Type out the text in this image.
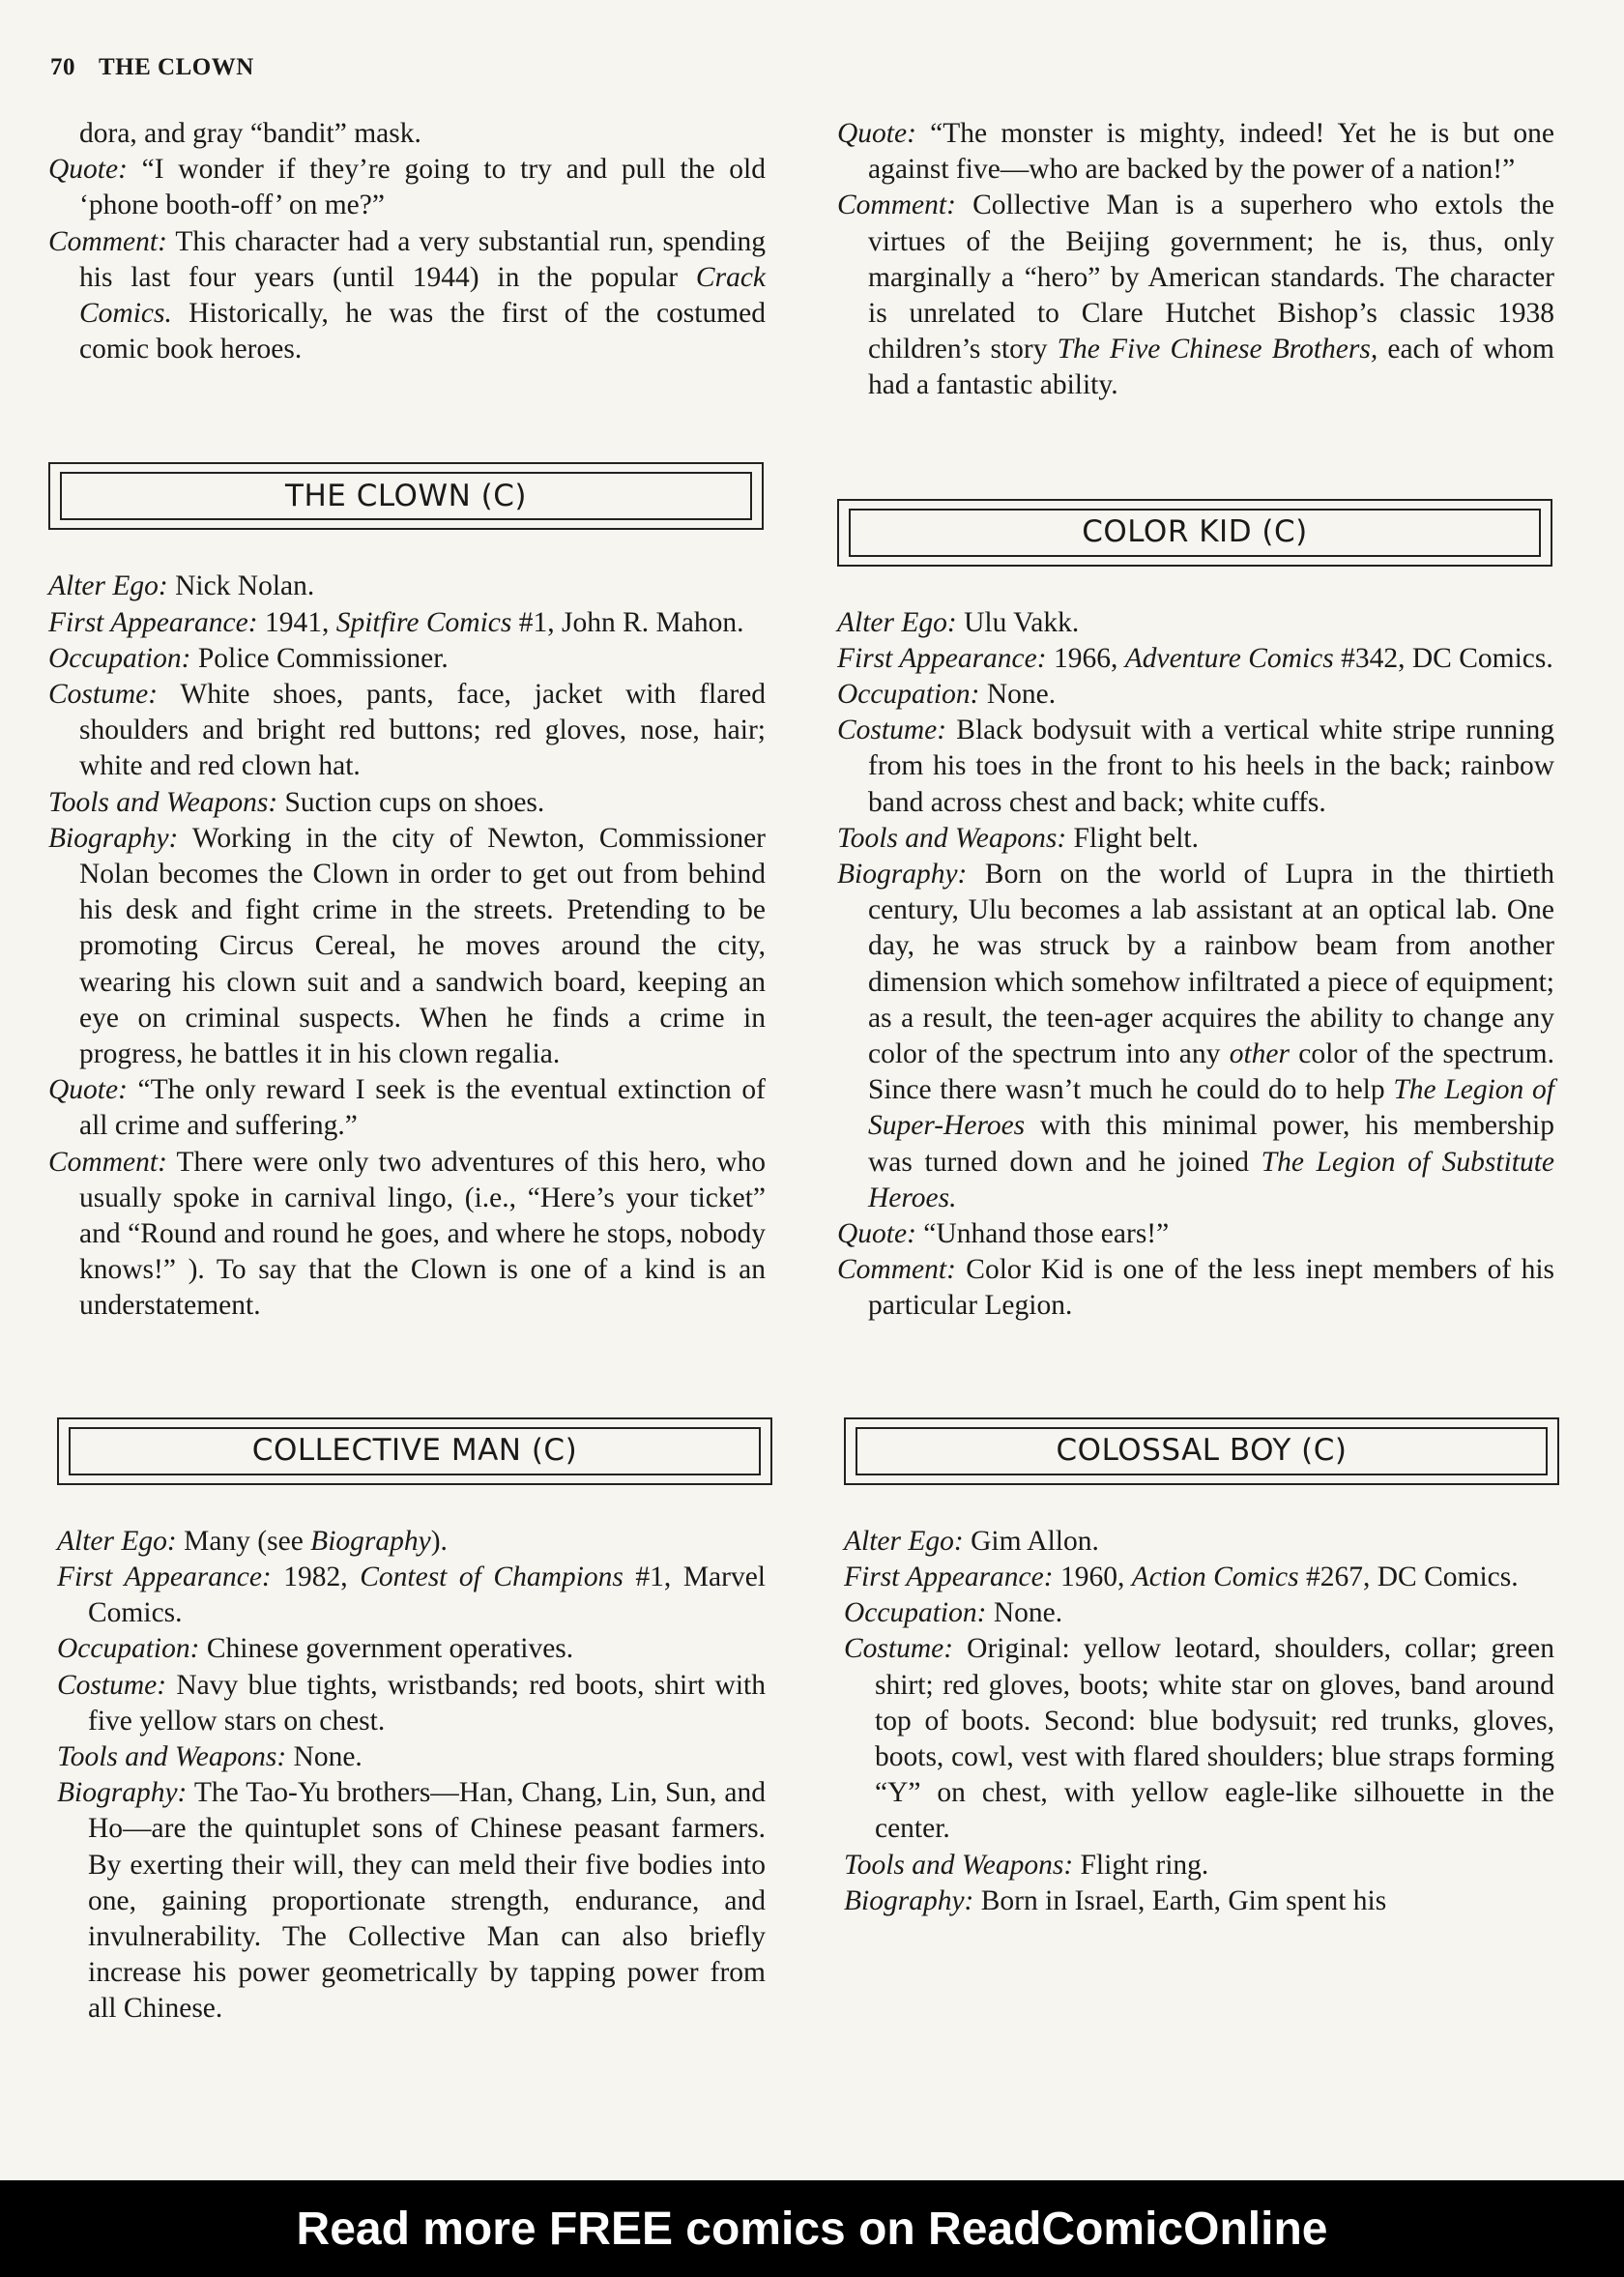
70 THE CLOWN

dora, and gray “bandit” mask.

Quote: “I wonder if they’re going to try and pull the old ‘phone booth-off’ on me?”

Comment: This character had a very substantial run, spending his last four years (until 1944) in the popular Crack Comics. Historically, he was the first of the costumed comic book heroes.

THE CLOWN (C)

Alter Ego: Nick Nolan.

First Appearance: 1941, Spitfire Comics #1, John R. Mahon.

Occupation: Police Commissioner.

Costume: White shoes, pants, face, jacket with flared shoulders and bright red buttons; red gloves, nose, hair; white and red clown hat.

Tools and Weapons: Suction cups on shoes.

Biography: Working in the city of Newton, Commissioner Nolan becomes the Clown in order to get out from behind his desk and fight crime in the streets. Pretending to be promoting Circus Cereal, he moves around the city, wearing his clown suit and a sandwich board, keeping an eye on criminal suspects. When he finds a crime in progress, he battles it in his clown regalia.

Quote: “The only reward I seek is the eventual extinction of all crime and suffering.”

Comment: There were only two adventures of this hero, who usually spoke in carnival lingo, (i.e., “Here’s your ticket” and “Round and round he goes, and where he stops, nobody knows!” ). To say that the Clown is one of a kind is an understatement.

COLLECTIVE MAN (C)

Alter Ego: Many (see Biography).

First Appearance: 1982, Contest of Champions #1, Marvel Comics.

Occupation: Chinese government operatives.

Costume: Navy blue tights, wristbands; red boots, shirt with five yellow stars on chest.

Tools and Weapons: None.

Biography: The Tao-Yu brothers—Han, Chang, Lin, Sun, and Ho—are the quintuplet sons of Chinese peasant farmers. By exerting their will, they can meld their five bodies into one, gaining proportionate strength, endurance, and invulnerability. The Collective Man can also briefly increase his power geometrically by tapping power from all Chinese.

Quote: “The monster is mighty, indeed! Yet he is but one against five—who are backed by the power of a nation!”

Comment: Collective Man is a superhero who extols the virtues of the Beijing government; he is, thus, only marginally a “hero” by American standards. The character is unrelated to Clare Hutchet Bishop’s classic 1938 children’s story The Five Chinese Brothers, each of whom had a fantastic ability.

COLOR KID (C)

Alter Ego: Ulu Vakk.

First Appearance: 1966, Adventure Comics #342, DC Comics.

Occupation: None.

Costume: Black bodysuit with a vertical white stripe running from his toes in the front to his heels in the back; rainbow band across chest and back; white cuffs.

Tools and Weapons: Flight belt.

Biography: Born on the world of Lupra in the thirtieth century, Ulu becomes a lab assistant at an optical lab. One day, he was struck by a rainbow beam from another dimension which somehow infiltrated a piece of equipment; as a result, the teen-ager acquires the ability to change any color of the spectrum into any other color of the spectrum. Since there wasn’t much he could do to help The Legion of Super-Heroes with this minimal power, his membership was turned down and he joined The Legion of Substitute Heroes.

Quote: “Unhand those ears!”

Comment: Color Kid is one of the less inept members of his particular Legion.

COLOSSAL BOY (C)

Alter Ego: Gim Allon.

First Appearance: 1960, Action Comics #267, DC Comics.

Occupation: None.

Costume: Original: yellow leotard, shoulders, collar; green shirt; red gloves, boots; white star on gloves, band around top of boots. Second: blue bodysuit; red trunks, gloves, boots, cowl, vest with flared shoulders; blue straps forming “Y” on chest, with yellow eagle-like silhouette in the center.

Tools and Weapons: Flight ring.

Biography: Born in Israel, Earth, Gim spent his

Read more FREE comics on ReadComicOnline
